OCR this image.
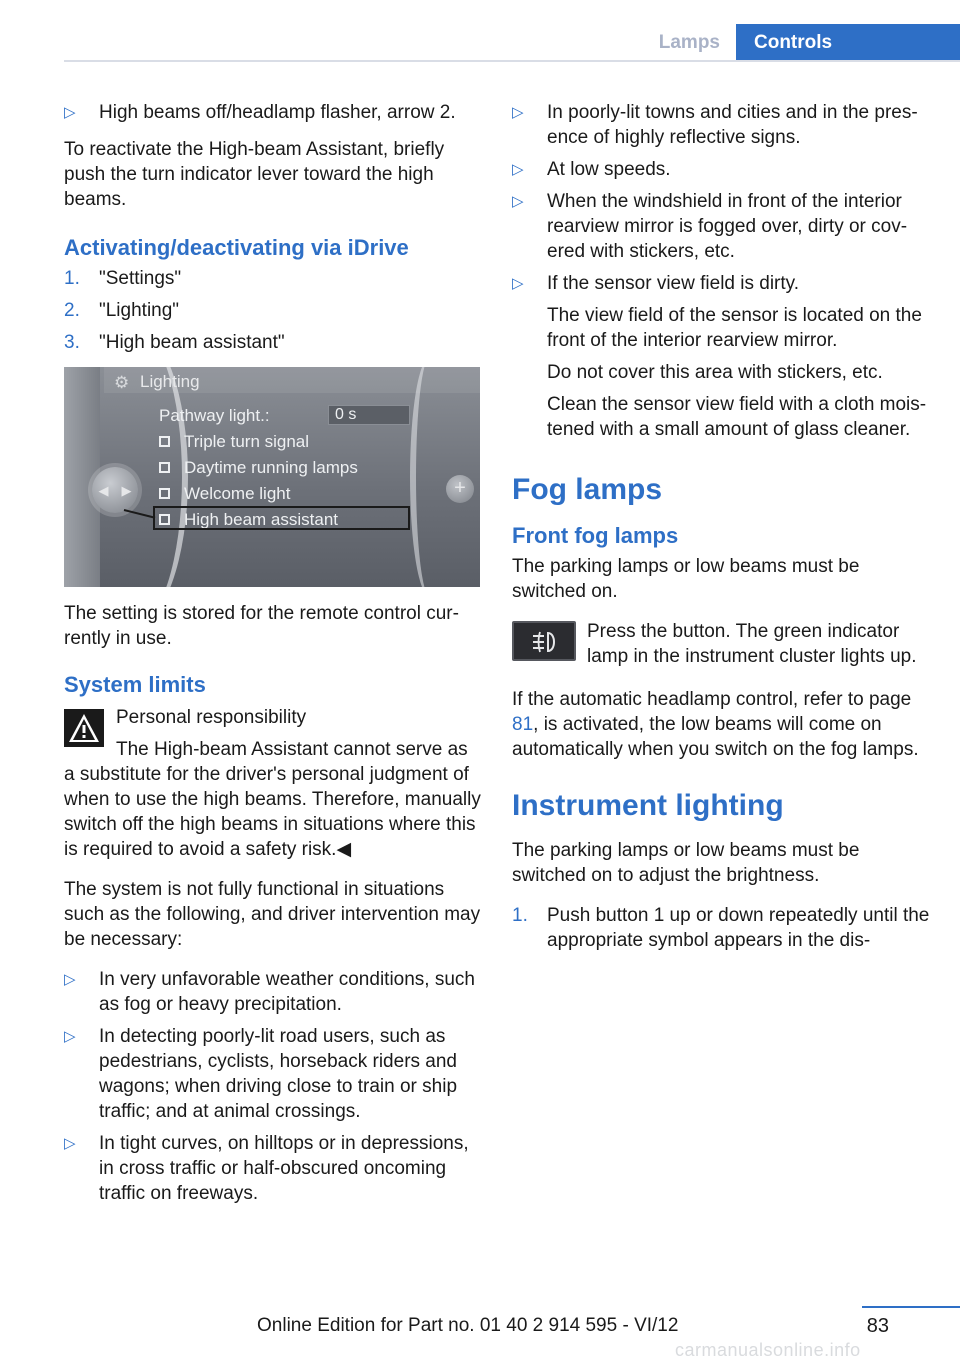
Lamps	Controls
▷ High beams off/headlamp flasher, arrow 2.

To reactivate the High-beam Assistant, briefly push the turn indicator lever toward the high beams.

Activating/deactivating via iDrive
1. "Settings"
2. "Lighting"
3. "High beam assistant"
◀ ▶	+
⚙ Lighting
Pathway light.:	0 s
Triple turn signal
Daytime running lamps
Welcome light
High beam assistant

The setting is stored for the remote control currently in use.

System limits
Personal responsibility
The High-beam Assistant cannot serve as
a substitute for the driver's personal judgment of when to use the high beams. Therefore, manually switch off the high beams in situations where this is required to avoid a safety risk.◀

The system is not fully functional in situations such as the following, and driver intervention may be necessary:

▷ In very unfavorable weather conditions, such as fog or heavy precipitation.
▷ In detecting poorly-lit road users, such as pedestrians, cyclists, horseback riders and wagons; when driving close to train or ship traffic; and at animal crossings.
▷ In tight curves, on hilltops or in depressions, in cross traffic or half-obscured oncoming traffic on freeways.
▷ In poorly-lit towns and cities and in the presence of highly reflective signs.
▷ At low speeds.
▷ When the windshield in front of the interior rearview mirror is fogged over, dirty or covered with stickers, etc.
▷ If the sensor view field is dirty.
The view field of the sensor is located on the front of the interior rearview mirror.
Do not cover this area with stickers, etc.
Clean the sensor view field with a cloth moistened with a small amount of glass cleaner.
Fog lamps
Front fog lamps

The parking lamps or low beams must be switched on.

Press the button. The green indicator lamp in the instrument cluster lights up.

If the automatic headlamp control, refer to page 81, is activated, the low beams will come on automatically when you switch on the fog lamps.

Instrument lighting

The parking lamps or low beams must be switched on to adjust the brightness.

1. Push button 1 up or down repeatedly until the appropriate symbol appears in the dis-
83
Online Edition for Part no. 01 40 2 914 595 - VI/12
carmanualsonline.info
